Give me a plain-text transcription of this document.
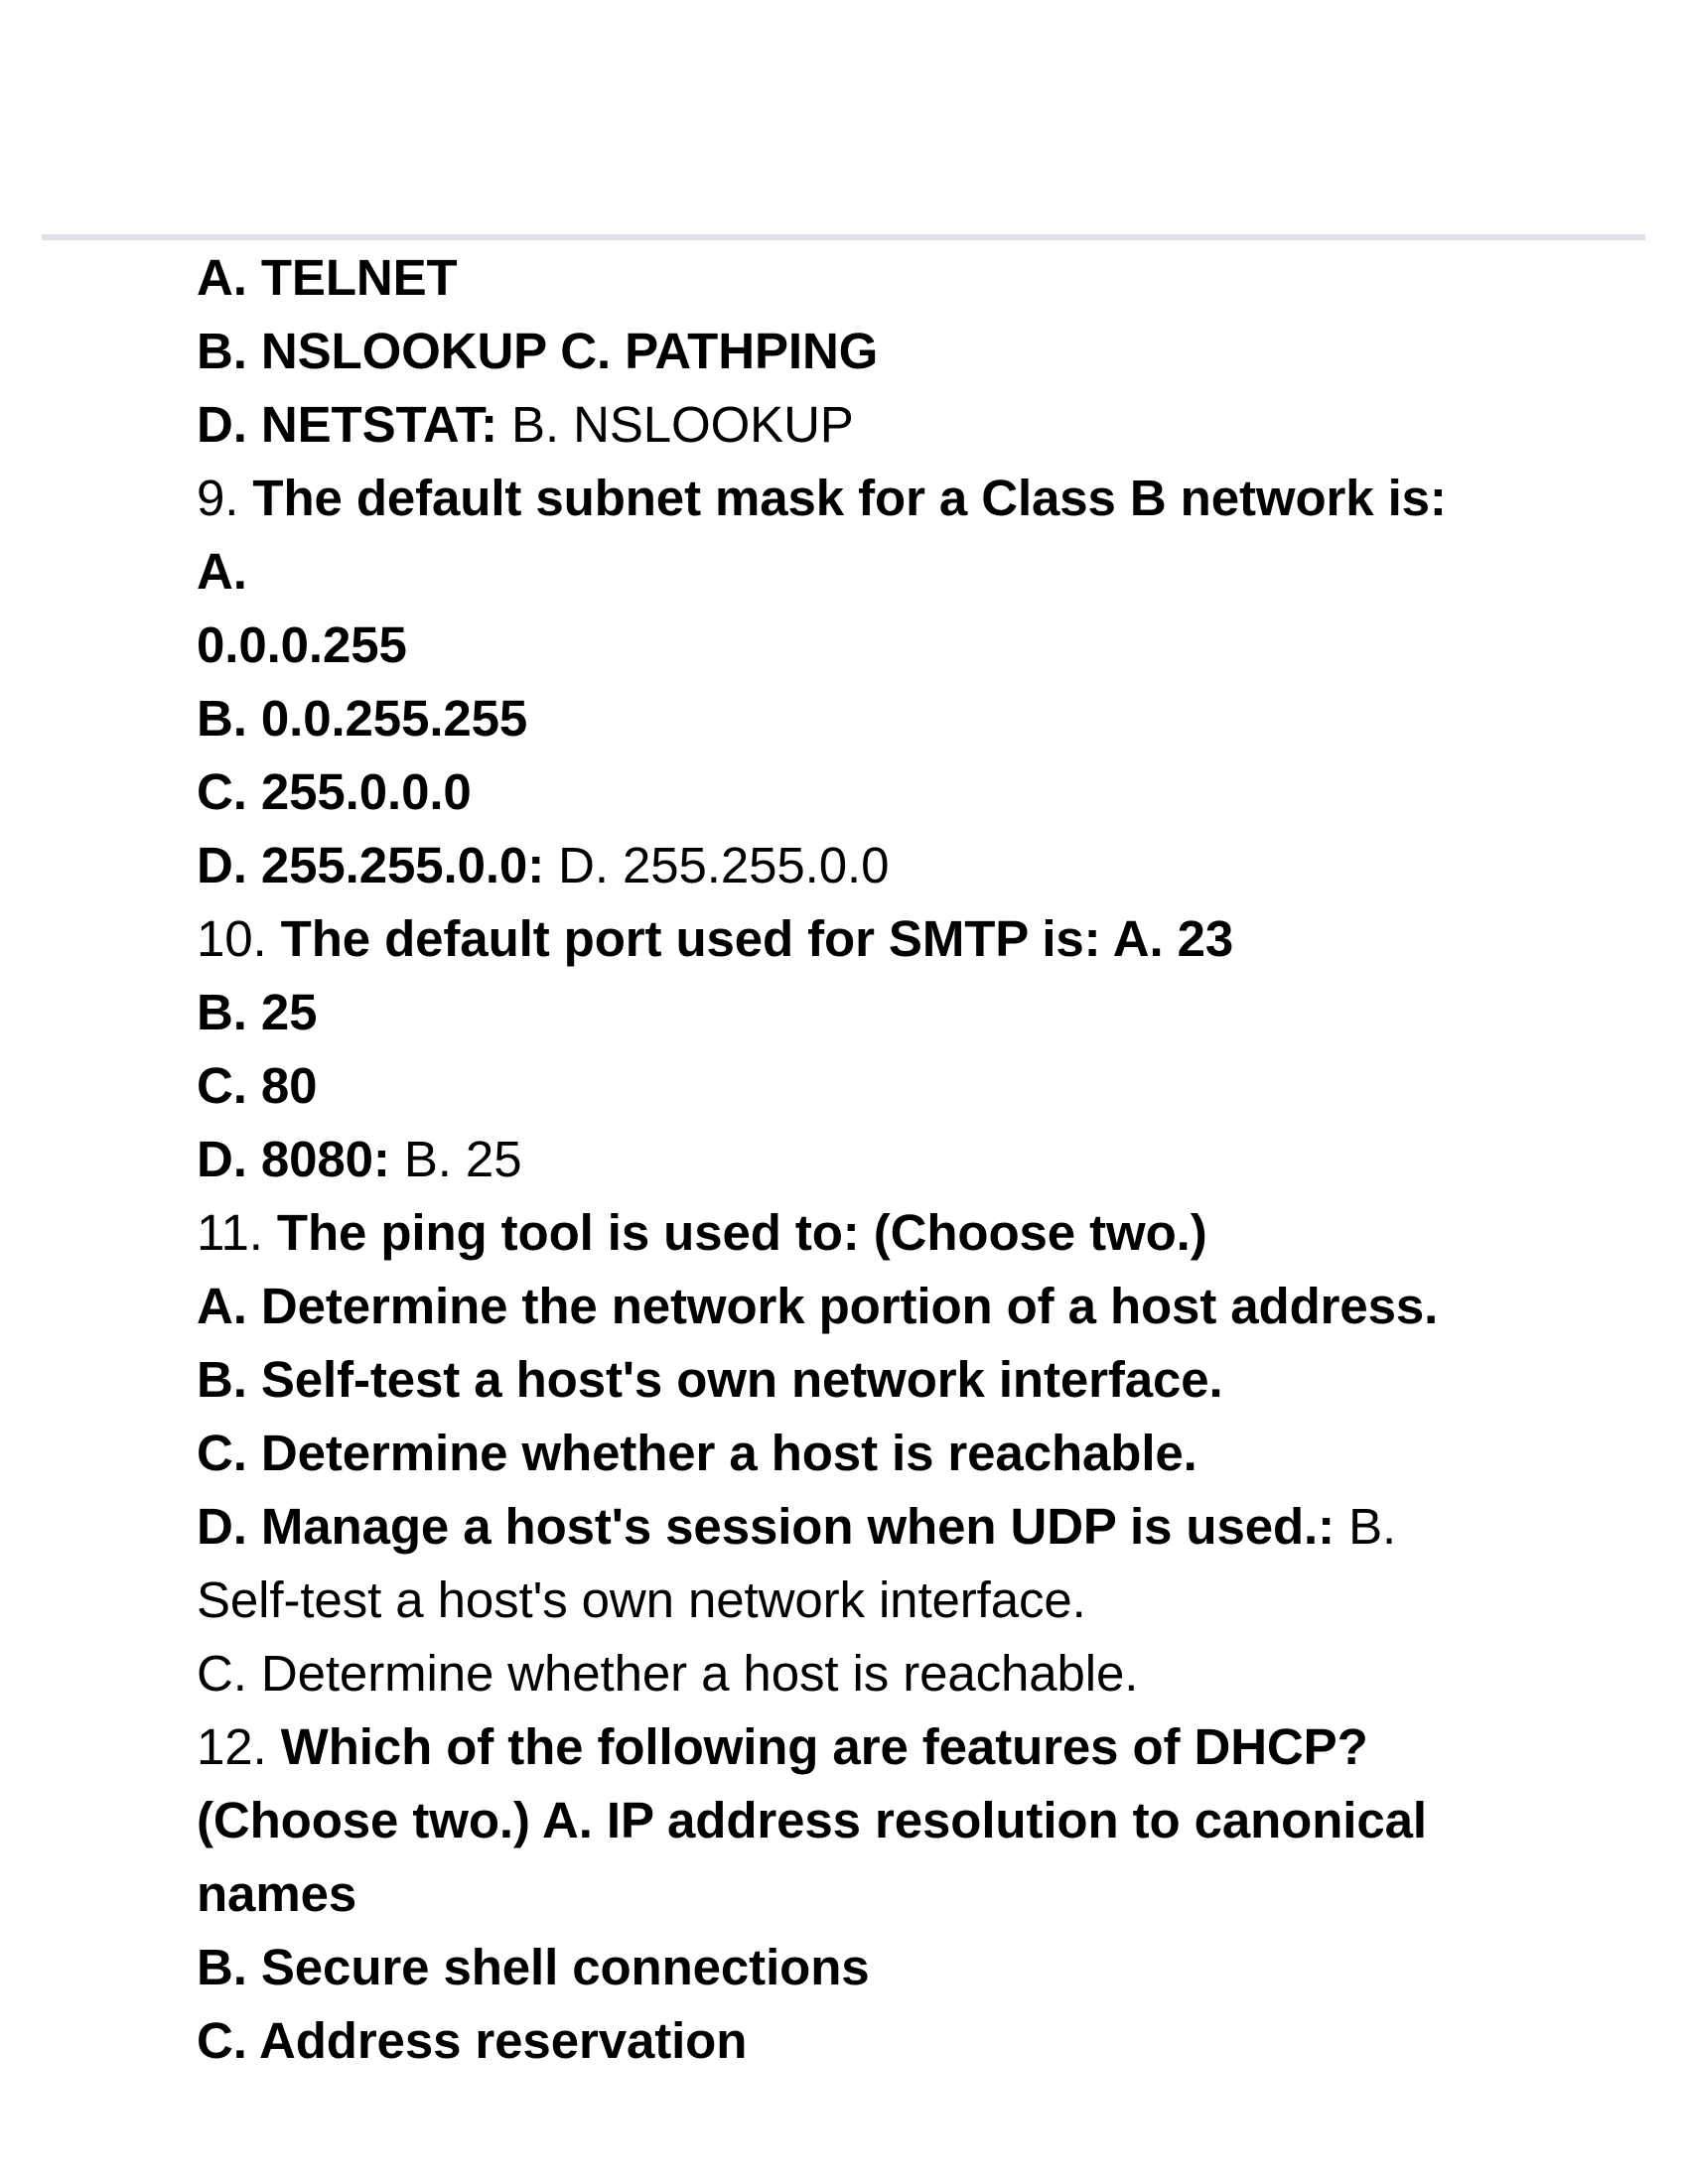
A. TELNET
B. NSLOOKUP C. PATHPING
D. NETSTAT: B. NSLOOKUP
9. The default subnet mask for a Class B network is: A.
0.0.0.255
B. 0.0.255.255
C. 255.0.0.0
D. 255.255.0.0: D. 255.255.0.0
10. The default port used for SMTP is: A. 23
B. 25
C. 80
D. 8080: B. 25
11. The ping tool is used to: (Choose two.)
A. Determine the network portion of a host address. B. Self-test a host's own network interface.
C. Determine whether a host is reachable.
D. Manage a host's session when UDP is used.: B. Self-test a host's own network interface.
C. Determine whether a host is reachable.
12. Which of the following are features of DHCP? (Choose two.) A. IP address resolution to canonical names
B. Secure shell connections
C. Address reservation
